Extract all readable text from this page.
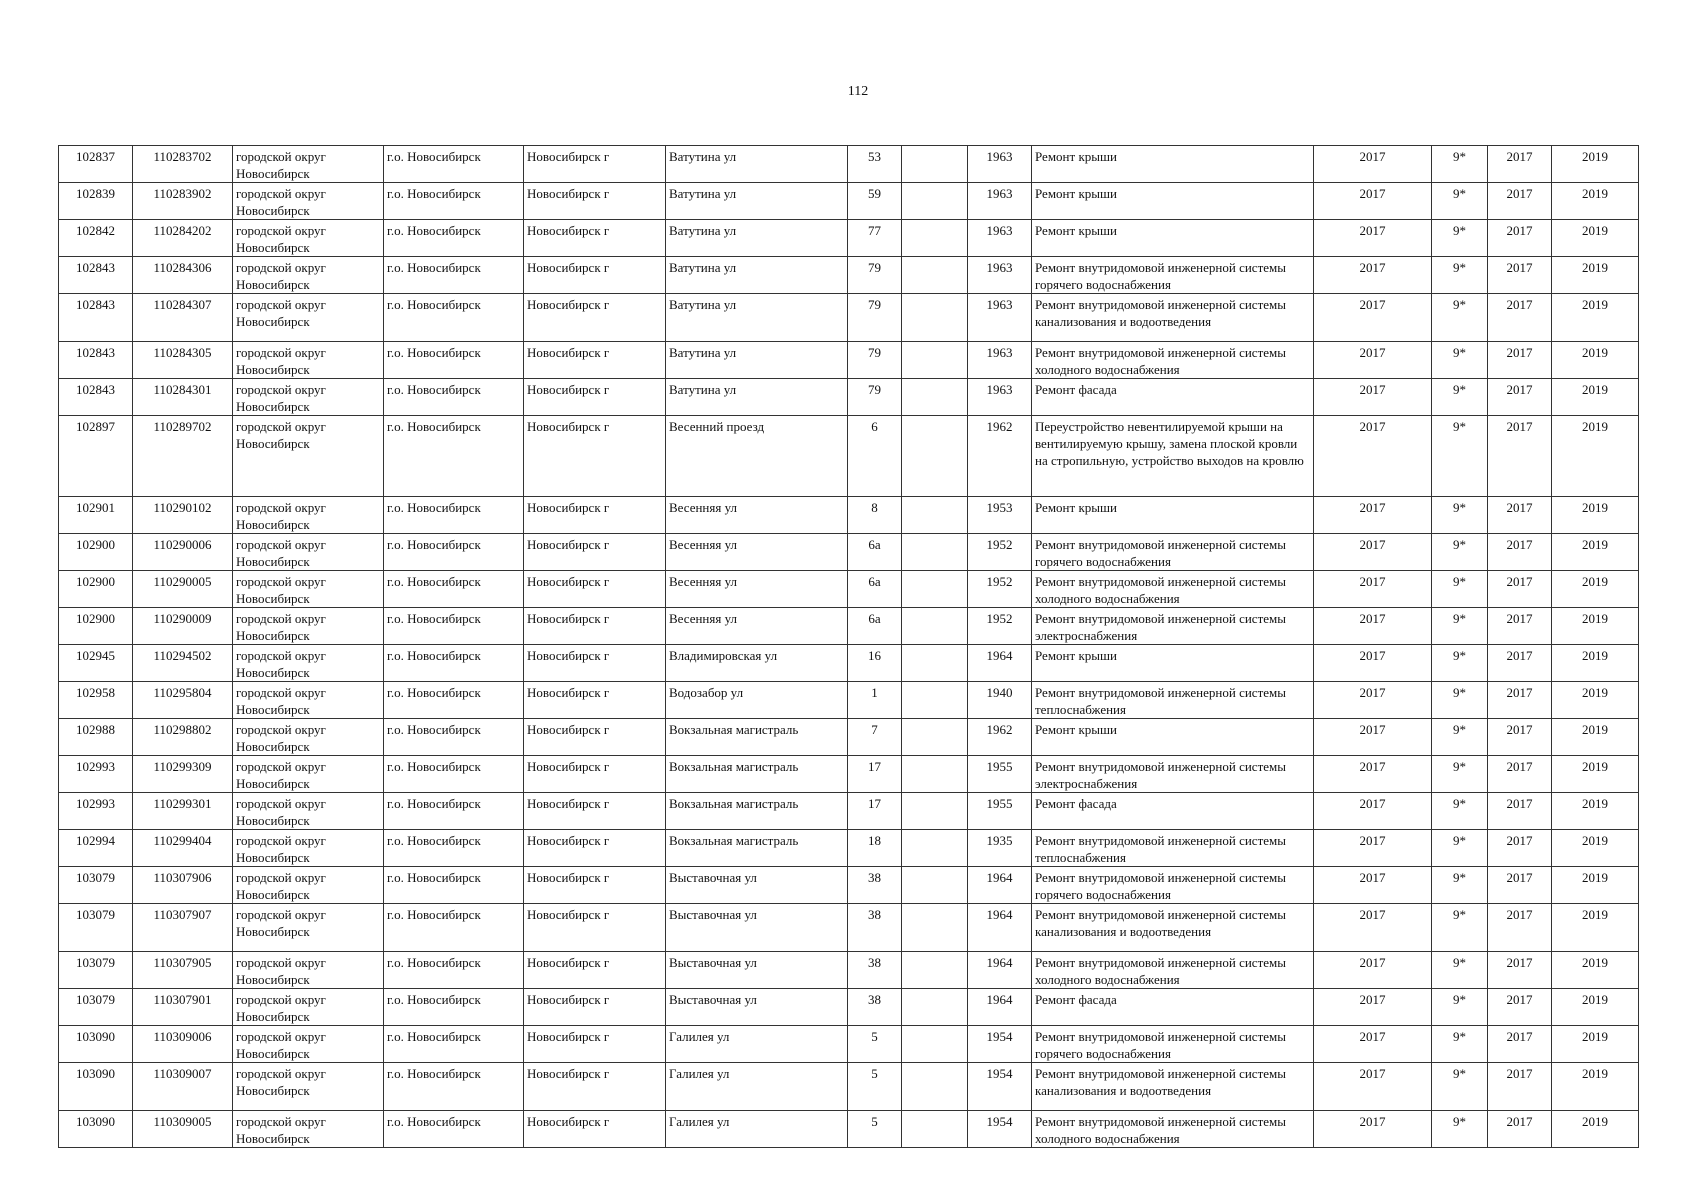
112
102837	110283702	городской округ Новосибирск	г.о. Новосибирск	Новосибирск г	Ватутина ул	53		1963	Ремонт крыши	2017	9*	2017	2019
102839	110283902	городской округ Новосибирск	г.о. Новосибирск	Новосибирск г	Ватутина ул	59		1963	Ремонт крыши	2017	9*	2017	2019
102842	110284202	городской округ Новосибирск	г.о. Новосибирск	Новосибирск г	Ватутина ул	77		1963	Ремонт крыши	2017	9*	2017	2019
102843	110284306	городской округ Новосибирск	г.о. Новосибирск	Новосибирск г	Ватутина ул	79		1963	Ремонт внутридомовой инженерной системы горячего водоснабжения	2017	9*	2017	2019
102843	110284307	городской округ Новосибирск	г.о. Новосибирск	Новосибирск г	Ватутина ул	79		1963	Ремонт внутридомовой инженерной системы канализования и водоотведения	2017	9*	2017	2019
102843	110284305	городской округ Новосибирск	г.о. Новосибирск	Новосибирск г	Ватутина ул	79		1963	Ремонт внутридомовой инженерной системы холодного водоснабжения	2017	9*	2017	2019
102843	110284301	городской округ Новосибирск	г.о. Новосибирск	Новосибирск г	Ватутина ул	79		1963	Ремонт фасада	2017	9*	2017	2019
102897	110289702	городской округ Новосибирск	г.о. Новосибирск	Новосибирск г	Весенний проезд	6		1962	Переустройство невентилируемой крыши на вентилируемую крышу, замена плоской кровли на стропильную, устройство выходов на кровлю	2017	9*	2017	2019
102901	110290102	городской округ Новосибирск	г.о. Новосибирск	Новосибирск г	Весенняя ул	8		1953	Ремонт крыши	2017	9*	2017	2019
102900	110290006	городской округ Новосибирск	г.о. Новосибирск	Новосибирск г	Весенняя ул	6а		1952	Ремонт внутридомовой инженерной системы горячего водоснабжения	2017	9*	2017	2019
102900	110290005	городской округ Новосибирск	г.о. Новосибирск	Новосибирск г	Весенняя ул	6а		1952	Ремонт внутридомовой инженерной системы холодного водоснабжения	2017	9*	2017	2019
102900	110290009	городской округ Новосибирск	г.о. Новосибирск	Новосибирск г	Весенняя ул	6а		1952	Ремонт внутридомовой инженерной системы электроснабжения	2017	9*	2017	2019
102945	110294502	городской округ Новосибирск	г.о. Новосибирск	Новосибирск г	Владимировская ул	16		1964	Ремонт крыши	2017	9*	2017	2019
102958	110295804	городской округ Новосибирск	г.о. Новосибирск	Новосибирск г	Водозабор ул	1		1940	Ремонт внутридомовой инженерной системы теплоснабжения	2017	9*	2017	2019
102988	110298802	городской округ Новосибирск	г.о. Новосибирск	Новосибирск г	Вокзальная магистраль	7		1962	Ремонт крыши	2017	9*	2017	2019
102993	110299309	городской округ Новосибирск	г.о. Новосибирск	Новосибирск г	Вокзальная магистраль	17		1955	Ремонт внутридомовой инженерной системы электроснабжения	2017	9*	2017	2019
102993	110299301	городской округ Новосибирск	г.о. Новосибирск	Новосибирск г	Вокзальная магистраль	17		1955	Ремонт фасада	2017	9*	2017	2019
102994	110299404	городской округ Новосибирск	г.о. Новосибирск	Новосибирск г	Вокзальная магистраль	18		1935	Ремонт внутридомовой инженерной системы теплоснабжения	2017	9*	2017	2019
103079	110307906	городской округ Новосибирск	г.о. Новосибирск	Новосибирск г	Выставочная ул	38		1964	Ремонт внутридомовой инженерной системы горячего водоснабжения	2017	9*	2017	2019
103079	110307907	городской округ Новосибирск	г.о. Новосибирск	Новосибирск г	Выставочная ул	38		1964	Ремонт внутридомовой инженерной системы канализования и водоотведения	2017	9*	2017	2019
103079	110307905	городской округ Новосибирск	г.о. Новосибирск	Новосибирск г	Выставочная ул	38		1964	Ремонт внутридомовой инженерной системы холодного водоснабжения	2017	9*	2017	2019
103079	110307901	городской округ Новосибирск	г.о. Новосибирск	Новосибирск г	Выставочная ул	38		1964	Ремонт фасада	2017	9*	2017	2019
103090	110309006	городской округ Новосибирск	г.о. Новосибирск	Новосибирск г	Галилея ул	5		1954	Ремонт внутридомовой инженерной системы горячего водоснабжения	2017	9*	2017	2019
103090	110309007	городской округ Новосибирск	г.о. Новосибирск	Новосибирск г	Галилея ул	5		1954	Ремонт внутридомовой инженерной системы канализования и водоотведения	2017	9*	2017	2019
103090	110309005	городской округ Новосибирск	г.о. Новосибирск	Новосибирск г	Галилея ул	5		1954	Ремонт внутридомовой инженерной системы холодного водоснабжения	2017	9*	2017	2019
